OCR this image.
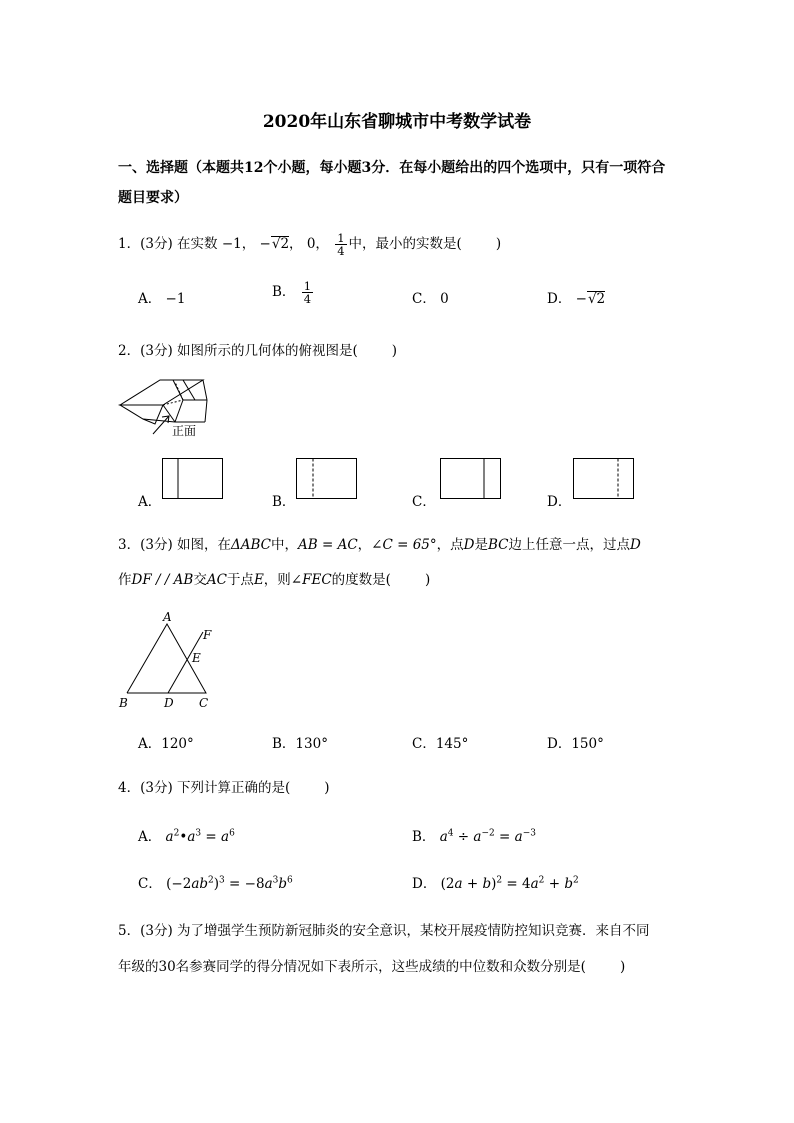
2020年山东省聊城市中考数学试卷
一、选择题（本题共12个小题，每小题3分．在每小题给出的四个选项中，只有一项符合
题目要求）
1．(3分) 在实数 −1， −√2， 0， $\frac{1}{4}$ 中，最小的实数是(	)
A． −1	B． $\frac{1}{4}$	C． 0	D． −√2
2．(3分) 如图所示的几何体的俯视图是(	)
正面
A．	B．	C．	D．
3．(3分) 如图，在ΔABC中，AB = AC，∠C = 65°，点D是BC边上任意一点，过点D
作DF / / AB交AC于点E，则∠FEC的度数是(	)
A
B	D C
E
F
A．120°	B．130°	C．145°	D．150°
4．(3分) 下列计算正确的是(	)
A． $a^2•a^3 = a^6$	B． $a^4 \div a^{-2} = a^{-3}$
C． $(-2ab^2)^3 = -8a^3b^6$	D． $(2a + b)^2 = 4a^2 + b^2$
5．(3分) 为了增强学生预防新冠肺炎的安全意识，某校开展疫情防控知识竞赛．来自不同
年级的30名参赛同学的得分情况如下表所示，这些成绩的中位数和众数分别是(	)
